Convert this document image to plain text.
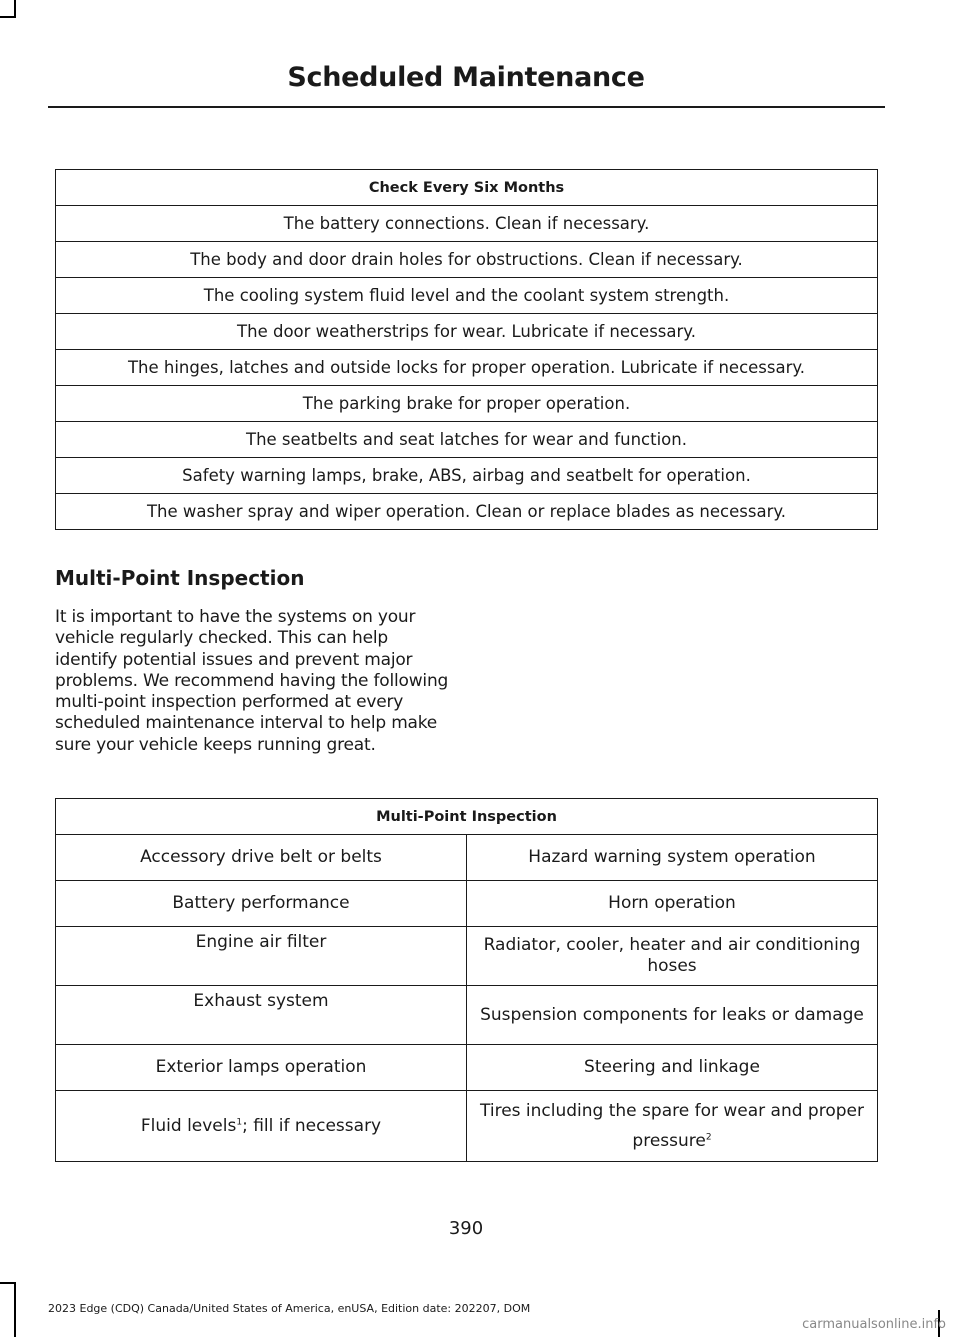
Scheduled Maintenance
Check Every Six Months
The battery connections. Clean if necessary.
The body and door drain holes for obstructions. Clean if necessary.
The cooling system fluid level and the coolant system strength.
The door weatherstrips for wear. Lubricate if necessary.
The hinges, latches and outside locks for proper operation. Lubricate if necessary.
The parking brake for proper operation.
The seatbelts and seat latches for wear and function.
Safety warning lamps, brake, ABS, airbag and seatbelt for operation.
The washer spray and wiper operation. Clean or replace blades as necessary.
Multi-Point Inspection

It is important to have the systems on your vehicle regularly checked. This can help identify potential issues and prevent major problems. We recommend having the following multi-point inspection performed at every scheduled maintenance interval to help make sure your vehicle keeps running great.

Multi-Point Inspection	
Accessory drive belt or belts	Hazard warning system operation
Battery performance	Horn operation
Engine air filter	Radiator, cooler, heater and air conditioning hoses
Exhaust system	Suspension components for leaks or damage
Exterior lamps operation	Steering and linkage
Fluid levels$^1$; fill if necessary	Tires including the spare for wear and proper pressure$^2$
390
2023 Edge (CDQ) Canada/United States of America, enUSA, Edition date: 202207, DOM
carmanualsonline.info
